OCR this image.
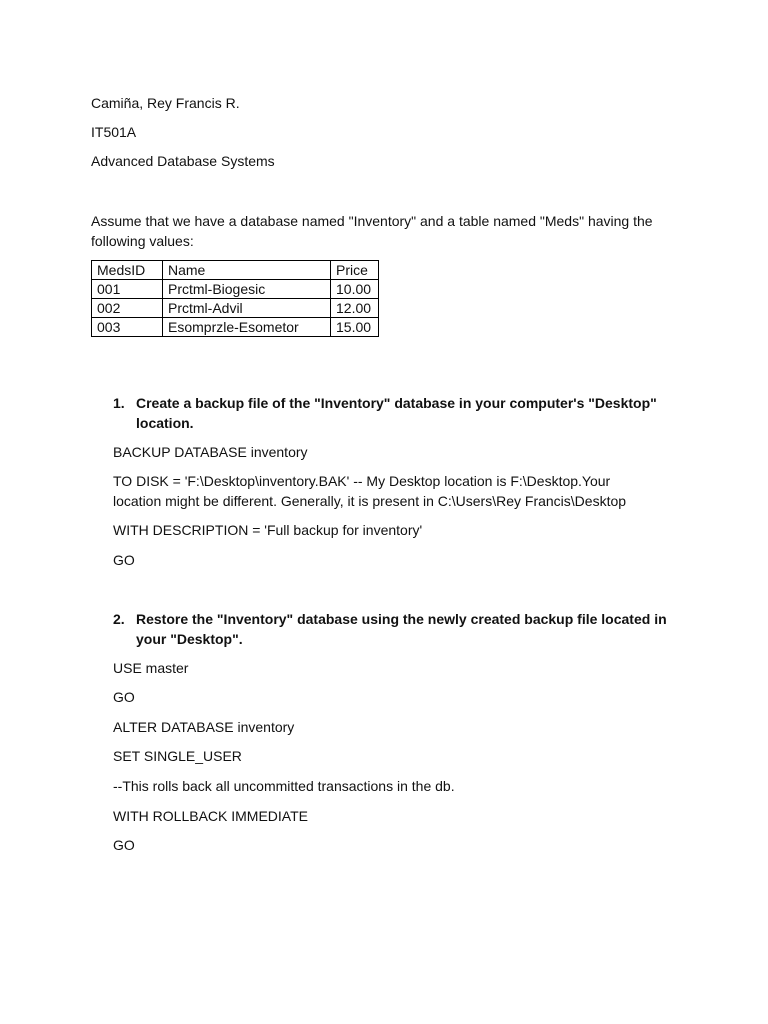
Camiña, Rey Francis R.
IT501A
Advanced Database Systems
Assume that we have a database named "Inventory" and a table named "Meds" having the following values:
MedsID	Name	Price
001	Prctml-Biogesic	10.00
002	Prctml-Advil	12.00
003	Esomprzle-Esometor	15.00
1. Create a backup file of the "Inventory" database in your computer's "Desktop" location.
BACKUP DATABASE inventory
TO DISK = 'F:\Desktop\inventory.BAK' -- My Desktop location is F:\Desktop.Your
location might be different. Generally, it is present in C:\Users\Rey Francis\Desktop
WITH DESCRIPTION = 'Full backup for inventory'
GO
2. Restore the "Inventory" database using the newly created backup file located in your "Desktop".
USE master
GO
ALTER DATABASE inventory
SET SINGLE_USER
--This rolls back all uncommitted transactions in the db.
WITH ROLLBACK IMMEDIATE
GO
